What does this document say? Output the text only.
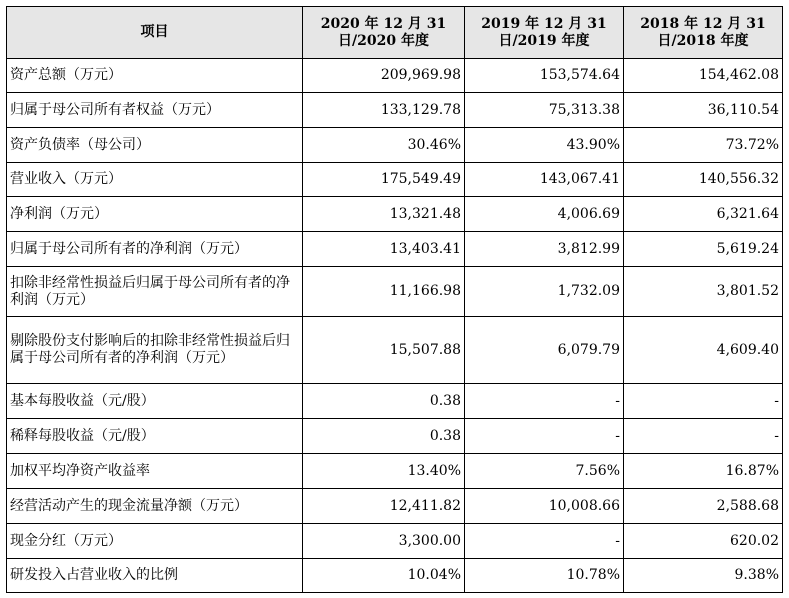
项目	2020 年 12 月 31 日/2020 年度	2019 年 12 月 31 日/2019 年度	2018 年 12 月 31 日/2018 年度
资产总额（万元）	209,969.98	153,574.64	154,462.08
归属于母公司所有者权益（万元）	133,129.78	75,313.38	36,110.54
资产负债率（母公司）	30.46%	43.90%	73.72%
营业收入（万元）	175,549.49	143,067.41	140,556.32
净利润（万元）	13,321.48	4,006.69	6,321.64
归属于母公司所有者的净利润（万元）	13,403.41	3,812.99	5,619.24
扣除非经常性损益后归属于母公司所有者的净利润（万元）	11,166.98	1,732.09	3,801.52
剔除股份支付影响后的扣除非经常性损益后归属于母公司所有者的净利润（万元）	15,507.88	6,079.79	4,609.40
基本每股收益（元/股）	0.38	-	-
稀释每股收益（元/股）	0.38	-	-
加权平均净资产收益率	13.40%	7.56%	16.87%
经营活动产生的现金流量净额（万元）	12,411.82	10,008.66	2,588.68
现金分红（万元）	3,300.00	-	620.02
研发投入占营业收入的比例	10.04%	10.78%	9.38%
